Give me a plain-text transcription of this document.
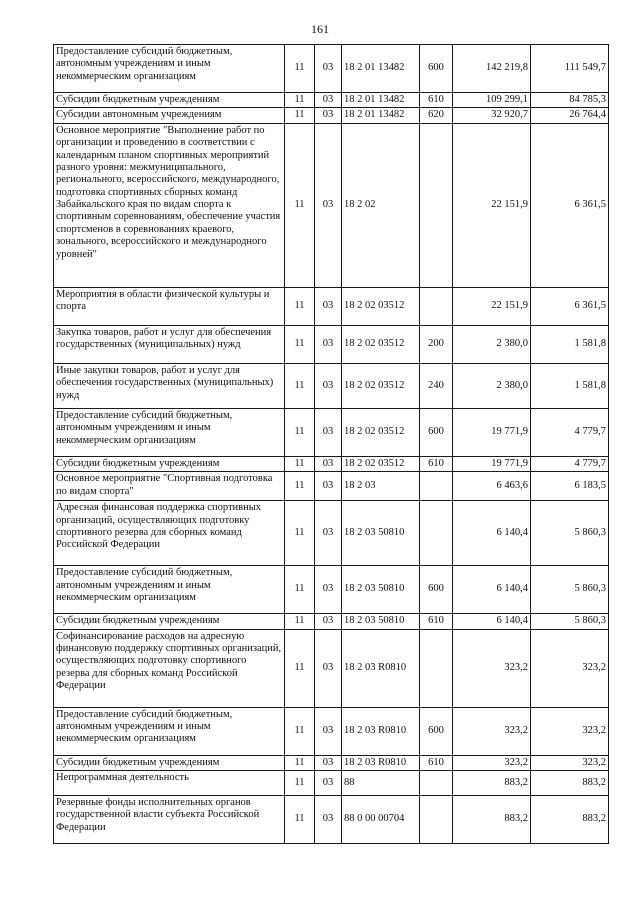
161
Предоставление субсидий бюджетным, автономным учреждениям и иным некоммерческим организациям	11	03	18 2 01 13482	600	142 219,8	111 549,7
Субсидии бюджетным учреждениям	11	03	18 2 01 13482	610	109 299,1	84 785,3
Субсидии автономным учреждениям	11	03	18 2 01 13482	620	32 920,7	26 764,4
Основное мероприятие "Выполнение работ по организации и проведению в соответствии с календарным планом спортивных мероприятий разного уровня: межмуниципального, регионального, всероссийского, международного, подготовка спортивных сборных команд Забайкальского края по видам спорта к спортивным соревнованиям, обеспечение участия спортсменов в соревнованиях краевого, зонального, всероссийского и международного уровней"	11	03	18 2 02		22 151,9	6 361,5
Мероприятия в области физической культуры и спорта	11	03	18 2 02 03512		22 151,9	6 361,5
Закупка товаров, работ и услуг для обеспечения государственных (муниципальных) нужд	11	03	18 2 02 03512	200	2 380,0	1 581,8
Иные закупки товаров, работ и услуг для обеспечения государственных (муниципальных) нужд	11	03	18 2 02 03512	240	2 380,0	1 581,8
Предоставление субсидий бюджетным, автономным учреждениям и иным некоммерческим организациям	11	03	18 2 02 03512	600	19 771,9	4 779,7
Субсидии бюджетным учреждениям	11	03	18 2 02 03512	610	19 771,9	4 779,7
Основное мероприятие "Спортивная подготовка по видам спорта"	11	03	18 2 03		6 463,6	6 183,5
Адресная финансовая поддержка спортивных организаций, осуществляющих подготовку спортивного резерва для сборных команд Российской Федерации	11	03	18 2 03 50810		6 140,4	5 860,3
Предоставление субсидий бюджетным, автономным учреждениям и иным некоммерческим организациям	11	03	18 2 03 50810	600	6 140,4	5 860,3
Субсидии бюджетным учреждениям	11	03	18 2 03 50810	610	6 140,4	5 860,3
Софинансирование расходов на адресную финансовую поддержку спортивных организаций, осуществляющих подготовку спортивного резерва для сборных команд Российской Федерации	11	03	18 2 03 R0810		323,2	323,2
Предоставление субсидий бюджетным, автономным учреждениям и иным некоммерческим организациям	11	03	18 2 03 R0810	600	323,2	323,2
Субсидии бюджетным учреждениям	11	03	18 2 03 R0810	610	323,2	323,2
Непрограммная деятельность	11	03	88		883,2	883,2
Резервные фонды исполнительных органов государственной власти субъекта Российской Федерации	11	03	88 0 00 00704		883,2	883,2
